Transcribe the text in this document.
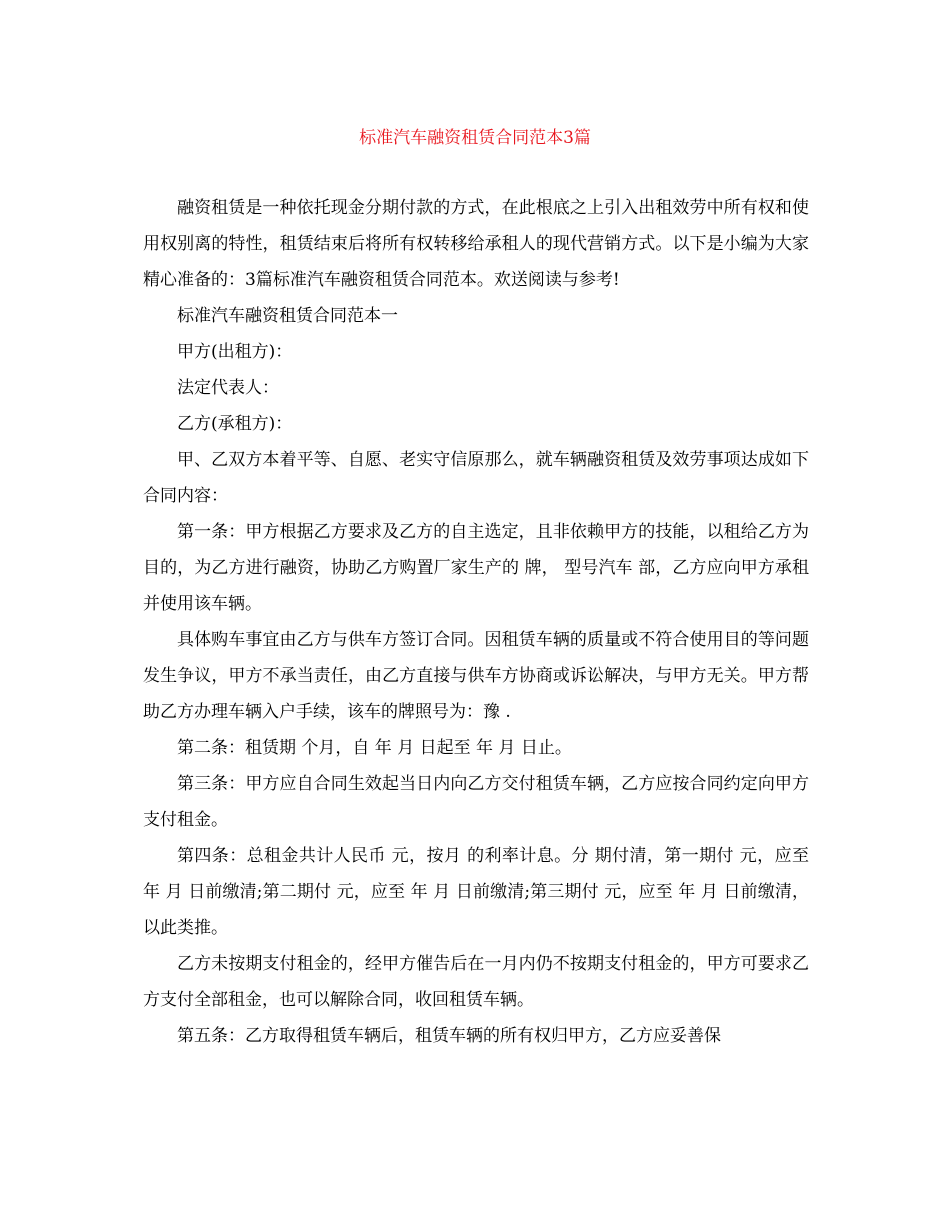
标准汽车融资租赁合同范本3篇

融资租赁是一种依托现金分期付款的方式，在此根底之上引入出租效劳中所有权和使用权别离的特性，租赁结束后将所有权转移给承租人的现代营销方式。以下是小编为大家精心准备的：3篇标准汽车融资租赁合同范本。欢送阅读与参考!

标准汽车融资租赁合同范本一

甲方(出租方)：

法定代表人：

乙方(承租方)：

甲、乙双方本着平等、自愿、老实守信原那么，就车辆融资租赁及效劳事项达成如下合同内容：

第一条：甲方根据乙方要求及乙方的自主选定，且非依赖甲方的技能，以租给乙方为目的，为乙方进行融资，协助乙方购置厂家生产的 牌， 型号汽车 部，乙方应向甲方承租并使用该车辆。

具体购车事宜由乙方与供车方签订合同。因租赁车辆的质量或不符合使用目的等问题发生争议，甲方不承当责任，由乙方直接与供车方协商或诉讼解决，与甲方无关。甲方帮助乙方办理车辆入户手续，该车的牌照号为：豫 .

第二条：租赁期 个月，自 年 月 日起至 年 月 日止。

第三条：甲方应自合同生效起当日内向乙方交付租赁车辆，乙方应按合同约定向甲方支付租金。

第四条：总租金共计人民币 元，按月 的利率计息。分 期付清，第一期付 元，应至 年 月 日前缴清;第二期付 元，应至 年 月 日前缴清;第三期付 元，应至 年 月 日前缴清，以此类推。

乙方未按期支付租金的，经甲方催告后在一月内仍不按期支付租金的，甲方可要求乙方支付全部租金，也可以解除合同，收回租赁车辆。

第五条：乙方取得租赁车辆后，租赁车辆的所有权归甲方，乙方应妥善保
